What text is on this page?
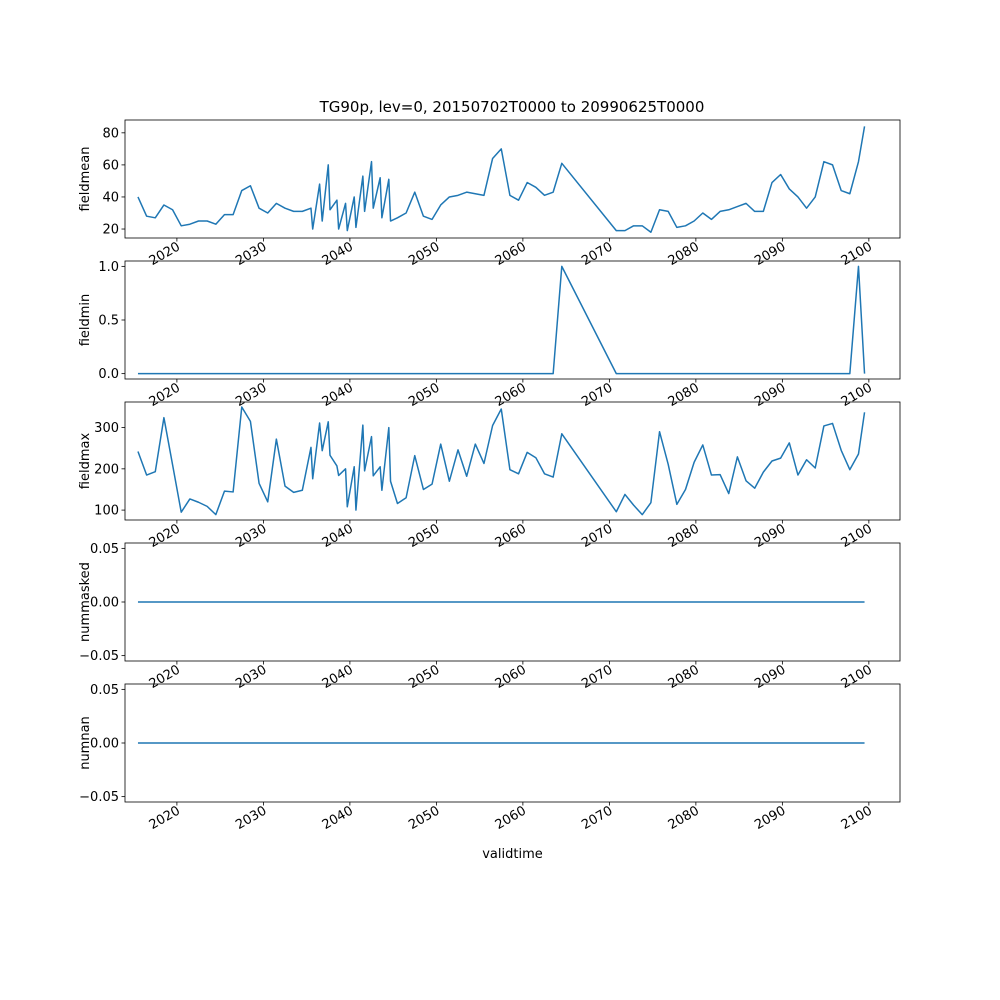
20
40
60
80
fieldmean
2020	2030	2040	2050	2060	2070	2080	2090	2100
0.0
0.5
1.0
fieldmin
2020	2030	2040	2050	2060	2070	2080	2090	2100
100
200
300
fieldmax
2020	2030	2040	2050	2060	2070	2080	2090	2100
−0.05
0.00
0.05
nummasked
2020	2030	2040	2050	2060	2070	2080	2090	2100
−0.05
0.00
0.05
numnan
2020	2030	2040	2050	2060	2070	2080	2090	2100
validtime
TG90p, lev=0, 20150702T0000 to 20990625T0000
